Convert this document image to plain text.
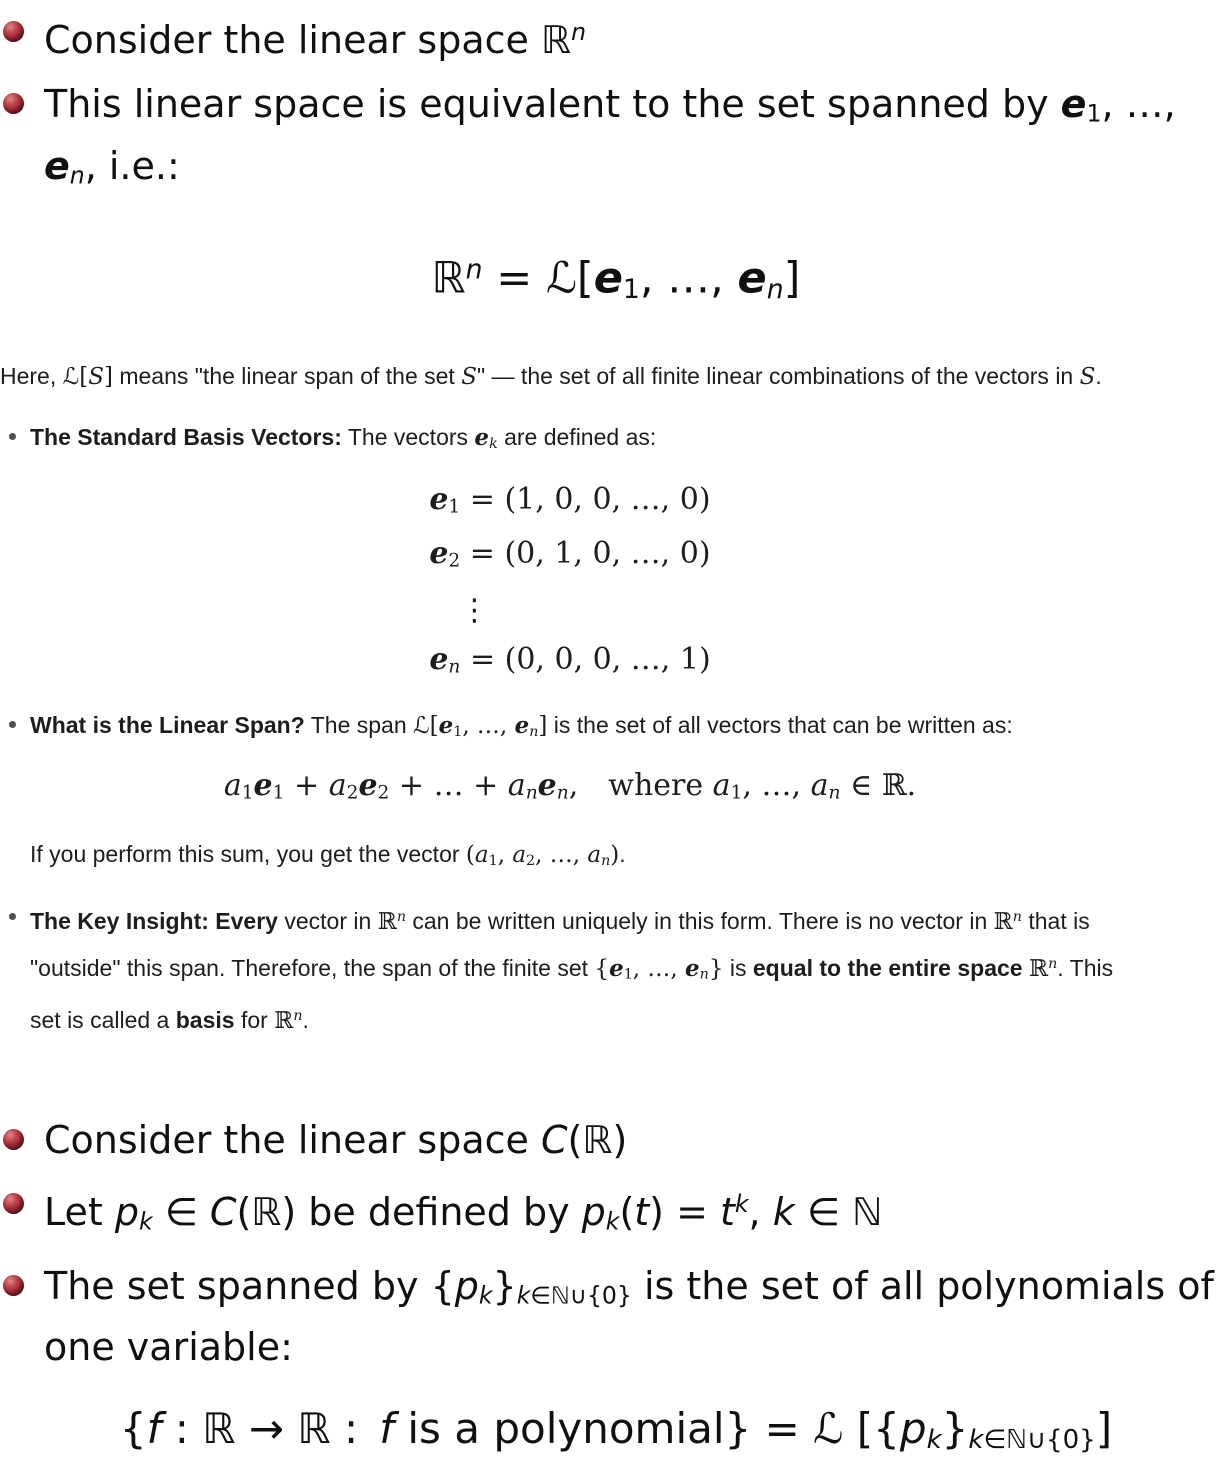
Consider the linear space ℝ$^n$
This linear space is equivalent to the set spanned by e1, …, en, i.e.:
ℝ$^n$ = ℒ[e1, …, en]

Here, ℒ[S] means "the linear span of the set S" — the set of all finite linear combinations of the vectors in S.

The Standard Basis Vectors: The vectors ek are defined as:
e1 = (1, 0, 0, …, 0)
e2 = (0, 1, 0, …, 0)
⋮
en = (0, 0, 0, …, 1)
What is the Linear Span? The span ℒ[e1, …, en] is the set of all vectors that can be written as:
a1e1 + a2e2 + … + anen, where a1, …, an ∈ ℝ.

If you perform this sum, you get the vector (a1, a2, …, an).

The Key Insight: Every vector in ℝ$^n$ can be written uniquely in this form. There is no vector in ℝ$^n$ that is "outside" this span. Therefore, the span of the finite set {e1, …, en} is equal to the entire space ℝ$^n$. This set is called a basis for ℝ$^n$.
Consider the linear space C(ℝ)
Let pk ∈ C(ℝ) be defined by $pk(t) = t^k$, k ∈ ℕ
The set spanned by {pk}k∈ℕ∪{0} is the set of all polynomials of one variable:
{f : ℝ → ℝ : f is a polynomial} = ℒ [{pk}k∈ℕ∪{0}]
